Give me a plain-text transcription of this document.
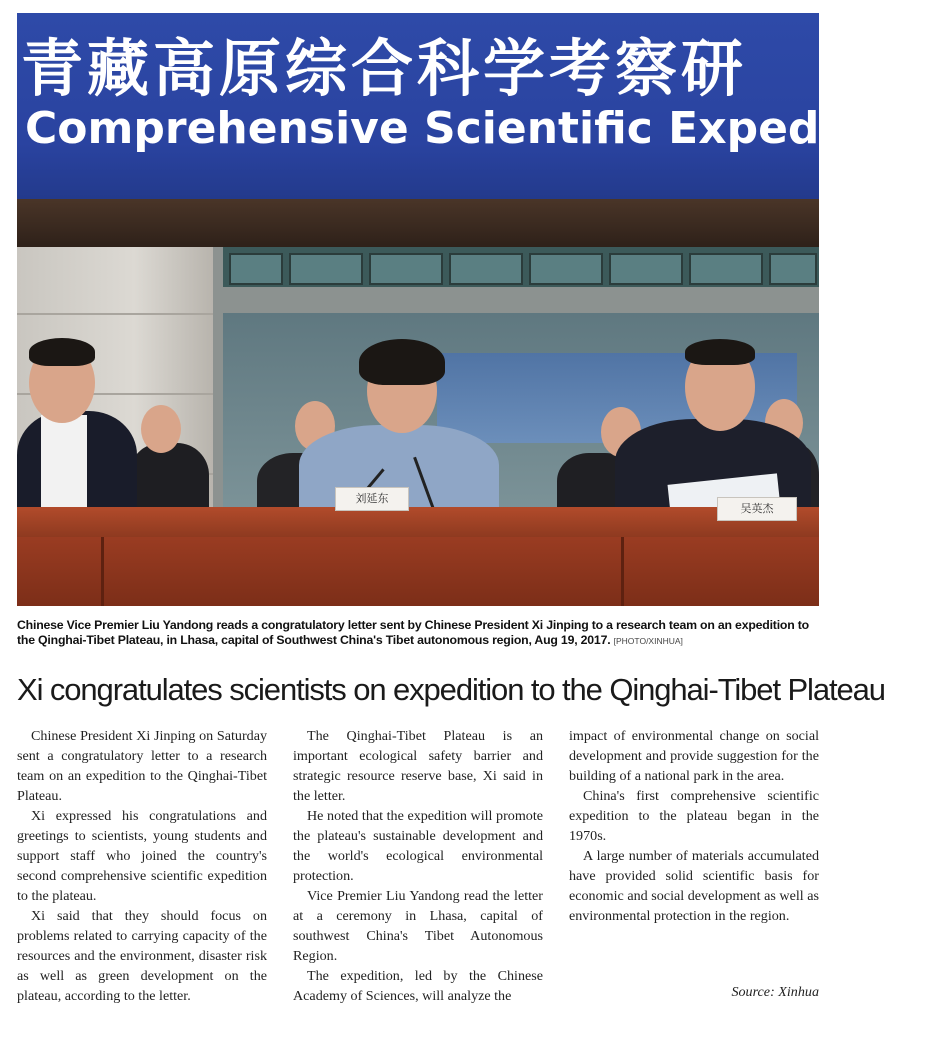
青藏高原综合科学考察研
Comprehensive Scientific Expedition
刘延东
吴英杰
Chinese Vice Premier Liu Yandong reads a congratulatory letter sent by Chinese President Xi Jinping to a research team on an expedition to the Qinghai-Tibet Plateau, in Lhasa, capital of Southwest China's Tibet autonomous region, Aug 19, 2017. [PHOTO/XINHUA]
Xi congratulates scientists on expedition to the Qinghai-Tibet Plateau

Chinese President Xi Jinping on Saturday sent a congratulatory letter to a research team on an expedition to the Qinghai-Tibet Plateau.

Xi expressed his congratulations and greetings to scientists, young students and support staff who joined the country's second comprehensive scientific expedition to the plateau.

Xi said that they should focus on problems related to carrying capacity of the resources and the environment, disaster risk as well as green development on the plateau, according to the letter.

The Qinghai-Tibet Plateau is an important ecological safety barrier and strategic resource reserve base, Xi said in the letter.

He noted that the expedition will promote the plateau's sustainable development and the world's ecological environmental protection.

Vice Premier Liu Yandong read the letter at a ceremony in Lhasa, capital of southwest China's Tibet Autonomous Region.

The expedition, led by the Chinese Academy of Sciences, will analyze the

impact of environmental change on social development and provide suggestion for the building of a national park in the area.

China's first comprehensive scientific expedition to the plateau began in the 1970s.

A large number of materials accumulated have provided solid scientific basis for economic and social development as well as environmental protection in the region.

Source: Xinhua
